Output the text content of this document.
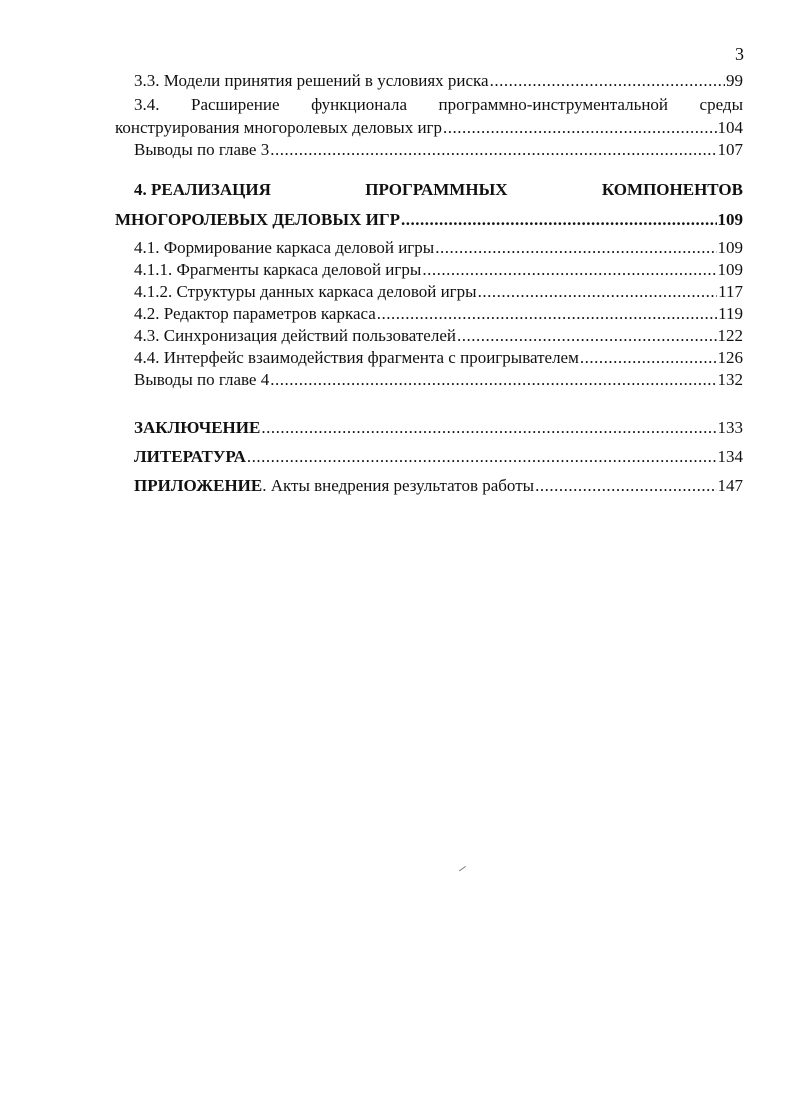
3
3.3. Модели принятия решений в условиях риска .....	99
3.4. Расширение функционала программно-инструментальной среды
конструирования многоролевых деловых игр .....	104
Выводы по главе 3 .....	107
4. РЕАЛИЗАЦИЯ	ПРОГРАММНЫХ	КОМПОНЕНТОВ
МНОГОРОЛЕВЫХ ДЕЛОВЫХ ИГР .....	109
4.1. Формирование каркаса деловой игры .....	109
4.1.1. Фрагменты каркаса деловой игры .....	109
4.1.2. Структуры данных каркаса деловой игры .....	117
4.2. Редактор параметров каркаса .....	119
4.3. Синхронизация действий пользователей .....	122
4.4. Интерфейс взаимодействия фрагмента с проигрывателем .....	126
Выводы по главе 4 .....	132
ЗАКЛЮЧЕНИЕ .....	133
ЛИТЕРАТУРА .....	134
ПРИЛОЖЕНИЕ. Акты внедрения результатов работы .....	147
